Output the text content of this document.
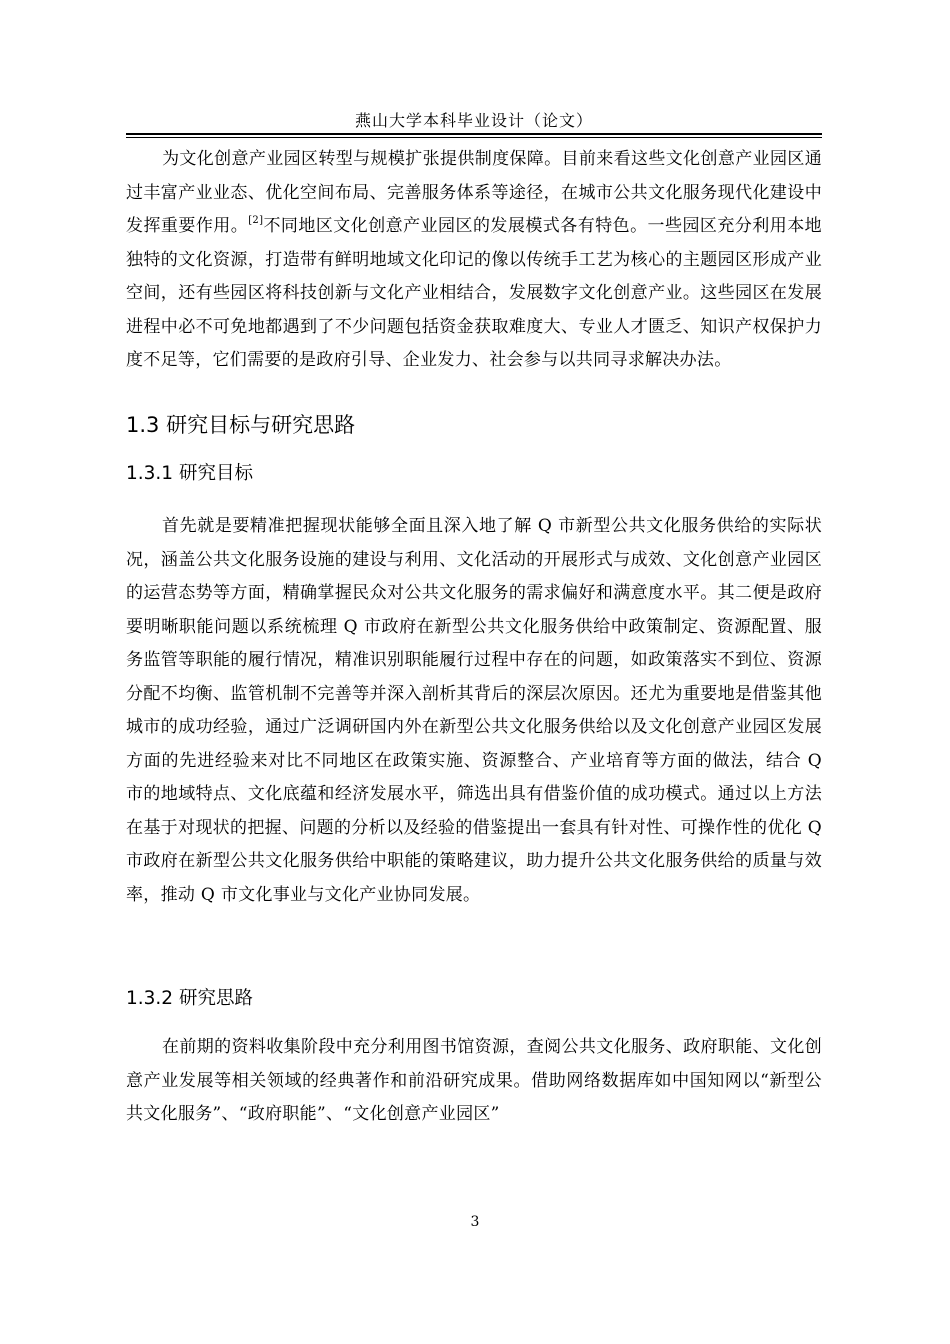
燕山大学本科毕业设计（论文）

为文化创意产业园区转型与规模扩张提供制度保障。目前来看这些文化创意产业园区通过丰富产业业态、优化空间布局、完善服务体系等途径，在城市公共文化服务现代化建设中发挥重要作用。[2]不同地区文化创意产业园区的发展模式各有特色。一些园区充分利用本地独特的文化资源，打造带有鲜明地域文化印记的像以传统手工艺为核心的主题园区形成产业空间，还有些园区将科技创新与文化产业相结合，发展数字文化创意产业。这些园区在发展进程中必不可免地都遇到了不少问题包括资金获取难度大、专业人才匮乏、知识产权保护力度不足等，它们需要的是政府引导、企业发力、社会参与以共同寻求解决办法。

1.3 研究目标与研究思路
1.3.1 研究目标

首先就是要精准把握现状能够全面且深入地了解 Q 市新型公共文化服务供给的实际状况，涵盖公共文化服务设施的建设与利用、文化活动的开展形式与成效、文化创意产业园区的运营态势等方面，精确掌握民众对公共文化服务的需求偏好和满意度水平。其二便是政府要明晰职能问题以系统梳理 Q 市政府在新型公共文化服务供给中政策制定、资源配置、服务监管等职能的履行情况，精准识别职能履行过程中存在的问题，如政策落实不到位、资源分配不均衡、监管机制不完善等并深入剖析其背后的深层次原因。还尤为重要地是借鉴其他城市的成功经验，通过广泛调研国内外在新型公共文化服务供给以及文化创意产业园区发展方面的先进经验来对比不同地区在政策实施、资源整合、产业培育等方面的做法，结合 Q 市的地域特点、文化底蕴和经济发展水平，筛选出具有借鉴价值的成功模式。通过以上方法在基于对现状的把握、问题的分析以及经验的借鉴提出一套具有针对性、可操作性的优化 Q 市政府在新型公共文化服务供给中职能的策略建议，助力提升公共文化服务供给的质量与效率，推动 Q 市文化事业与文化产业协同发展。

1.3.2 研究思路

在前期的资料收集阶段中充分利用图书馆资源，查阅公共文化服务、政府职能、文化创意产业发展等相关领域的经典著作和前沿研究成果。借助网络数据库如中国知网以“新型公共文化服务”、“政府职能”、“文化创意产业园区”

3
